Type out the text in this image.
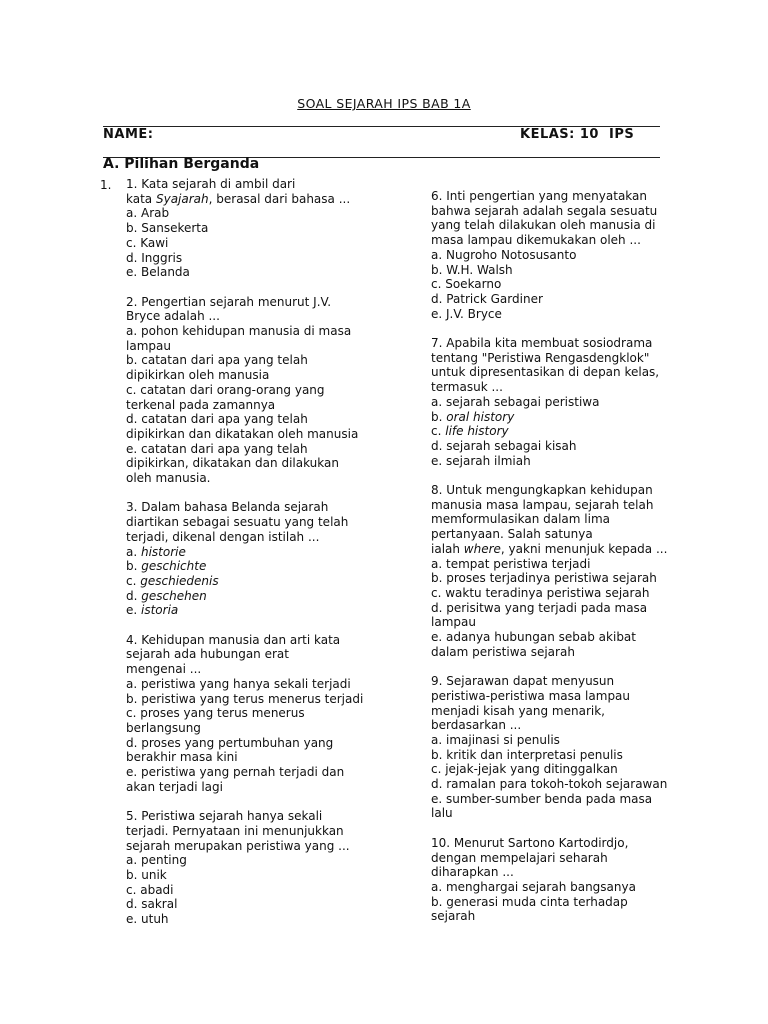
SOAL SEJARAH IPS BAB 1A
NAME:	KELAS: 10  IPS
A. Pilihan Berganda
1. 1. Kata sejarah di ambil dari
kata Syajarah, berasal dari bahasa ...
a. Arab
b. Sansekerta
c. Kawi
d. Inggris
e. Belanda
2. Pengertian sejarah menurut J.V.
Bryce adalah ...
a. pohon kehidupan manusia di masa
lampau
b. catatan dari apa yang telah
dipikirkan oleh manusia
c. catatan dari orang-orang yang
terkenal pada zamannya
d. catatan dari apa yang telah
dipikirkan dan dikatakan oleh manusia
e. catatan dari apa yang telah
dipikirkan, dikatakan dan dilakukan
oleh manusia.
3. Dalam bahasa Belanda sejarah
diartikan sebagai sesuatu yang telah
terjadi, dikenal dengan istilah ...
a. historie
b. geschichte
c. geschiedenis
d. geschehen
e. istoria
4. Kehidupan manusia dan arti kata
sejarah ada hubungan erat
mengenai ...
a. peristiwa yang hanya sekali terjadi
b. peristiwa yang terus menerus terjadi
c. proses yang terus menerus
berlangsung
d. proses yang pertumbuhan yang
berakhir masa kini
e. peristiwa yang pernah terjadi dan
akan terjadi lagi
5. Peristiwa sejarah hanya sekali
terjadi. Pernyataan ini menunjukkan
sejarah merupakan peristiwa yang ...
a. penting
b. unik
c. abadi
d. sakral
e. utuh
6. Inti pengertian yang menyatakan
bahwa sejarah adalah segala sesuatu
yang telah dilakukan oleh manusia di
masa lampau dikemukakan oleh ...
a. Nugroho Notosusanto
b. W.H. Walsh
c. Soekarno
d. Patrick Gardiner
e. J.V. Bryce
7. Apabila kita membuat sosiodrama
tentang "Peristiwa Rengasdengklok"
untuk dipresentasikan di depan kelas,
termasuk ...
a. sejarah sebagai peristiwa
b. oral history
c. life history
d. sejarah sebagai kisah
e. sejarah ilmiah
8. Untuk mengungkapkan kehidupan
manusia masa lampau, sejarah telah
memformulasikan dalam lima
pertanyaan. Salah satunya
ialah where, yakni menunjuk kepada ...
a. tempat peristiwa terjadi
b. proses terjadinya peristiwa sejarah
c. waktu teradinya peristiwa sejarah
d. perisitwa yang terjadi pada masa
lampau
e. adanya hubungan sebab akibat
dalam peristiwa sejarah
9. Sejarawan dapat menyusun
peristiwa-peristiwa masa lampau
menjadi kisah yang menarik,
berdasarkan ...
a. imajinasi si penulis
b. kritik dan interpretasi penulis
c. jejak-jejak yang ditinggalkan
d. ramalan para tokoh-tokoh sejarawan
e. sumber-sumber benda pada masa
lalu
10. Menurut Sartono Kartodirdjo,
dengan mempelajari seharah
diharapkan ...
a. menghargai sejarah bangsanya
b. generasi muda cinta terhadap
sejarah
